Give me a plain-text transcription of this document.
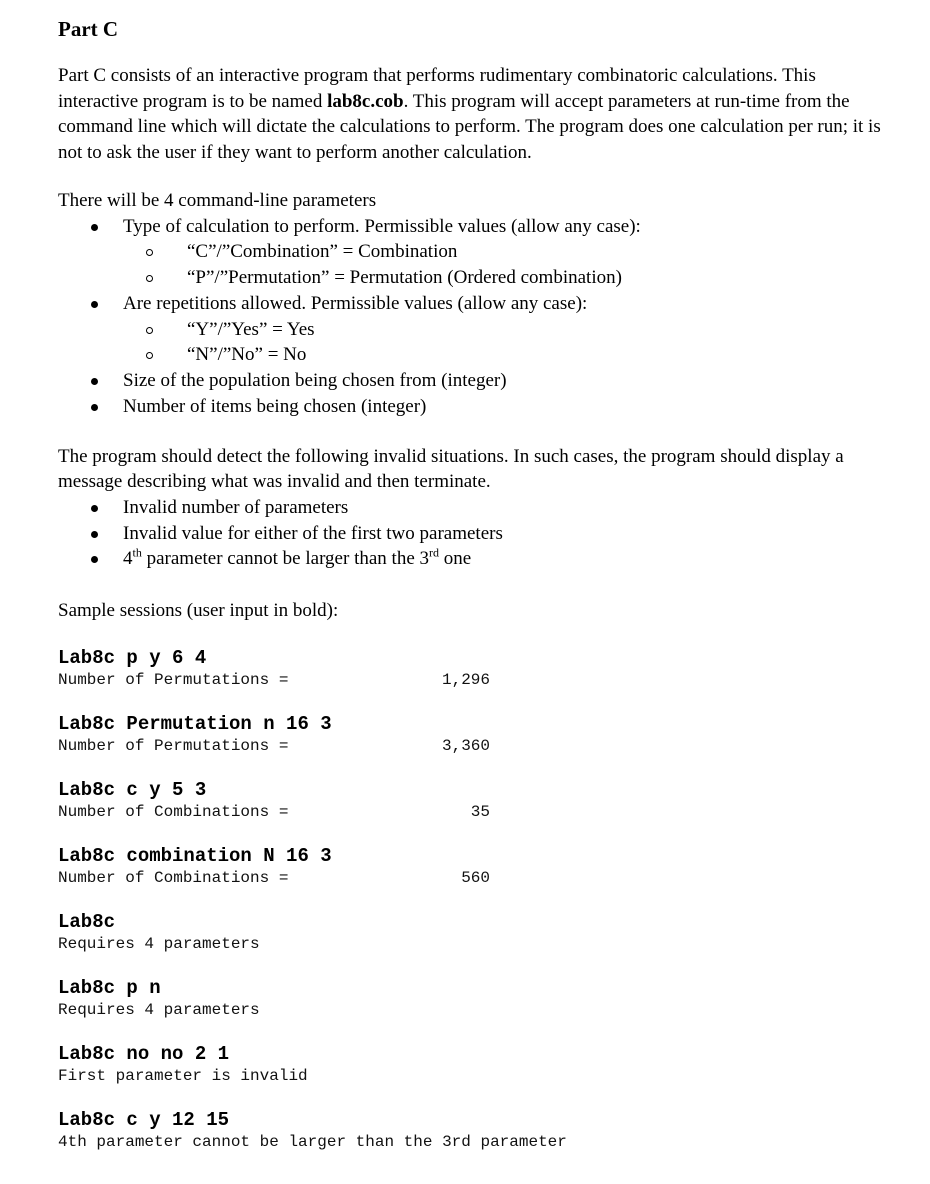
Part C

Part C consists of an interactive program that performs rudimentary combinatoric calculations. This interactive program is to be named lab8c.cob. This program will accept parameters at run-time from the command line which will dictate the calculations to perform. The program does one calculation per run; it is not to ask the user if they want to perform another calculation.

There will be 4 command-line parameters

Type of calculation to perform. Permissible values (allow any case):
“C”/”Combination” = Combination
“P”/”Permutation” = Permutation (Ordered combination)
Are repetitions allowed. Permissible values (allow any case):
“Y”/”Yes” = Yes
“N”/”No” = No
Size of the population being chosen from (integer)
Number of items being chosen (integer)

The program should detect the following invalid situations. In such cases, the program should display a message describing what was invalid and then terminate.

Invalid number of parameters
Invalid value for either of the first two parameters
4th parameter cannot be larger than the 3rd one

Sample sessions (user input in bold):

Lab8c p y 6 4
Number of Permutations =	1,296
Lab8c Permutation n 16 3
Number of Permutations =	3,360
Lab8c c y 5 3
Number of Combinations =	35
Lab8c combination N 16 3
Number of Combinations =	560
Lab8c
Requires 4 parameters
Lab8c p n
Requires 4 parameters
Lab8c no no 2 1
First parameter is invalid
Lab8c c y 12 15
4th parameter cannot be larger than the 3rd parameter
